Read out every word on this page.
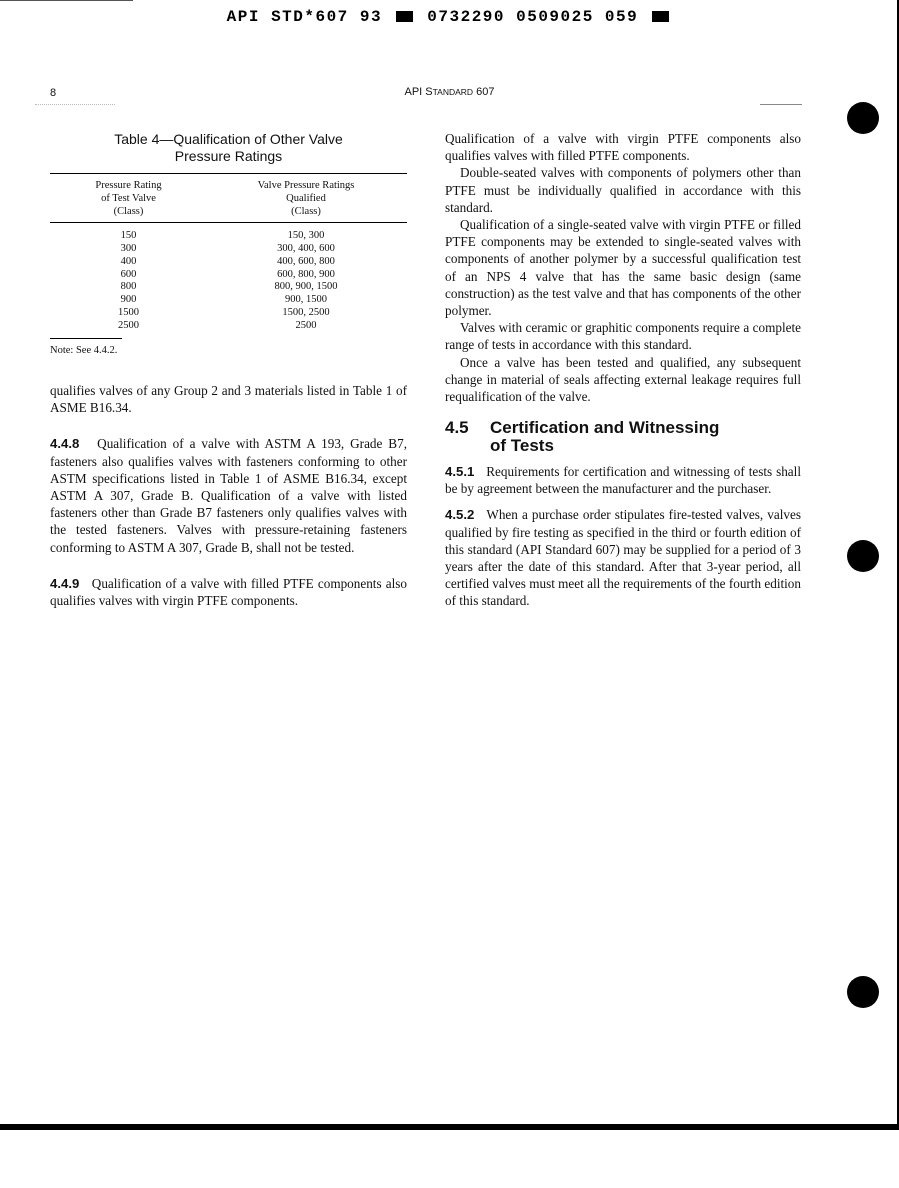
API STD*607 93	0732290 0509025 059
8	API STANDARD 607
Table 4—Qualification of Other Valve
Pressure Ratings
Pressure Rating
of Test Valve
(Class)
Valve Pressure Ratings
Qualified
(Class)
150
300
400
600
800
900
1500
2500
150, 300
300, 400, 600
400, 600, 800
600, 800, 900
800, 900, 1500
900, 1500
1500, 2500
2500
Note: See 4.4.2.

qualifies valves of any Group 2 and 3 materials listed in Table 1 of ASME B16.34.

4.4.8 Qualification of a valve with ASTM A 193, Grade B7, fasteners also qualifies valves with fasteners conforming to other ASTM specifications listed in Table 1 of ASME B16.34, except ASTM A 307, Grade B. Qualification of a valve with listed fasteners other than Grade B7 fasteners only qualifies valves with the tested fasteners. Valves with pressure-retaining fasteners conforming to ASTM A 307, Grade B, shall not be tested.

4.4.9 Qualification of a valve with filled PTFE components also qualifies valves with virgin PTFE components.

Qualification of a valve with virgin PTFE components also qualifies valves with filled PTFE components.

Double-seated valves with components of polymers other than PTFE must be individually qualified in accordance with this standard.

Qualification of a single-seated valve with virgin PTFE or filled PTFE components may be extended to single-seated valves with components of another polymer by a successful qualification test of an NPS 4 valve that has the same basic design (same construction) as the test valve and that has components of the other polymer.

Valves with ceramic or graphitic components require a complete range of tests in accordance with this standard.

Once a valve has been tested and qualified, any subsequent change in material of seals affecting external leakage requires full requalification of the valve.

4.5 Certification and Witnessing
of Tests

4.5.1 Requirements for certification and witnessing of tests shall be by agreement between the manufacturer and the purchaser.

4.5.2 When a purchase order stipulates fire-tested valves, valves qualified by fire testing as specified in the third or fourth edition of this standard (API Standard 607) may be supplied for a period of 3 years after the date of this standard. After that 3-year period, all certified valves must meet all the requirements of the fourth edition of this standard.
